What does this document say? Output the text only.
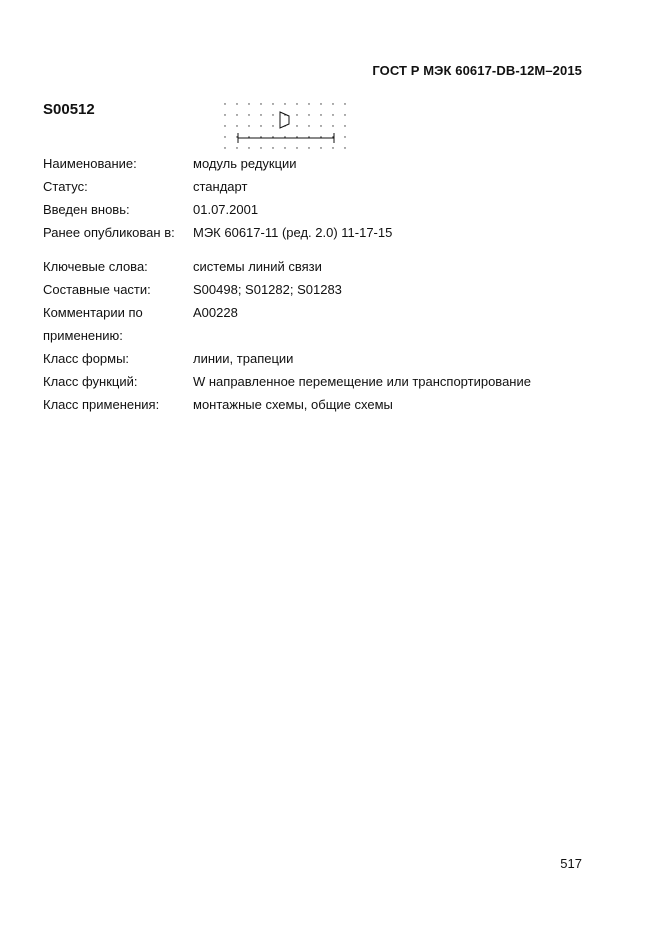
ГОСТ Р МЭК 60617-DB-12M–2015
S00512
Наименование:	модуль редукции
Статус:	стандарт
Введен вновь:	01.07.2001
Ранее опубликован в:	МЭК 60617-11 (ред. 2.0) 11-17-15
Ключевые слова:	системы линий связи
Составные части:	S00498; S01282; S01283
Комментарии по применению:
A00228
Класс формы:	линии, трапеции
Класс функций:	W направленное перемещение или транспортирование
Класс применения:	монтажные схемы, общие схемы
517
